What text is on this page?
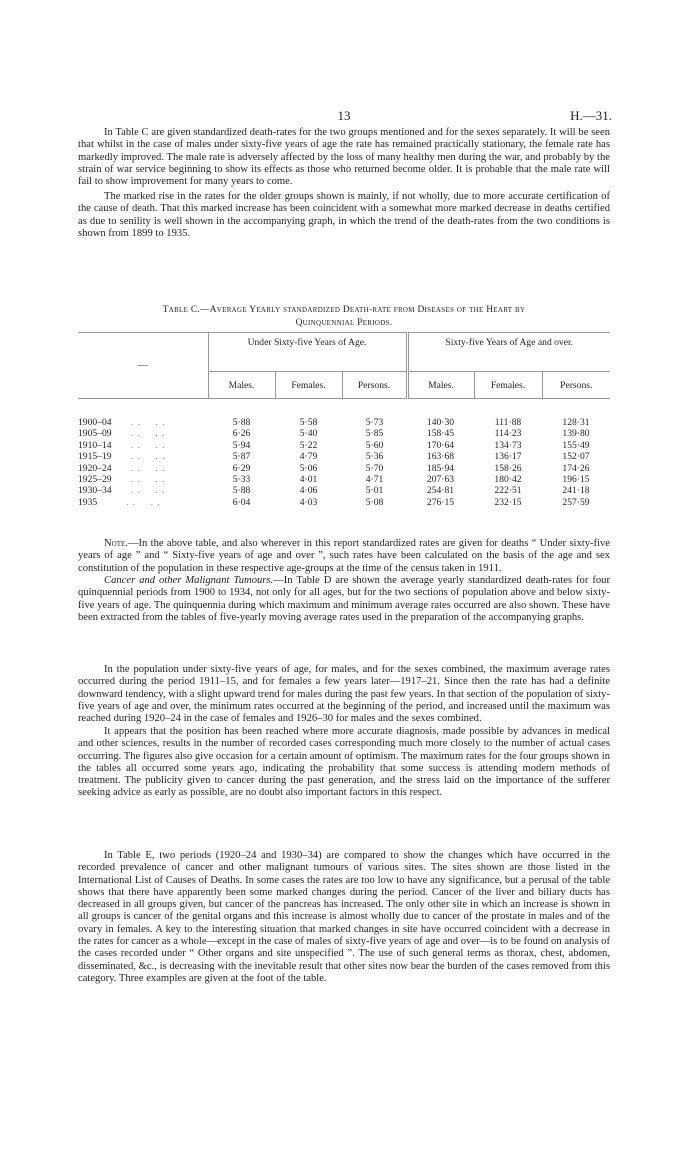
13	H.—31.

In Table C are given standardized death-rates for the two groups mentioned and for the sexes separately. It will be seen that whilst in the case of males under sixty-five years of age the rate has remained practically stationary, the female rate has markedly improved. The male rate is adversely affected by the loss of many healthy men during the war, and probably by the strain of war service beginning to show its effects as those who returned become older. It is probable that the male rate will fail to show improvement for many years to come.

The marked rise in the rates for the older groups shown is mainly, if not wholly, due to more accurate certification of the cause of death. That this marked increase has been coincident with a somewhat more marked decrease in deaths certified as due to senility is well shown in the accompanying graph, in which the trend of the death-rates from the two conditions is shown from 1899 to 1935.

Table C.—Average Yearly standardized Death-rate from Diseases of the Heart by
Quinquennial Periods.
—	Under Sixty-five Years of Age.			Sixty-five Years of Age and over.		
	Males.	Females.	Persons.	Males.	Females.	Persons.

1900–04 . . . .	5·88	5·58	5·73	140·30	111·88	128·31
1905–09 . . . .	6·26	5·40	5·85	158·45	114·23	139·80
1910–14 . . . .	5·94	5·22	5·60	170·64	134·73	155·49
1915–19 . . . .	5·87	4·79	5·36	163·68	136·17	152·07
1920–24 . . . .	6·29	5·06	5·70	185·94	158·26	174·26
1925–29 . . . .	5·33	4·01	4·71	207·63	180·42	196·15
1930–34 . . . .	5·88	4·06	5·01	254·81	222·51	241·18
1935 . . . .	6·04	4·03	5·08	276·15	232·15	257·59

Note.—In the above table, and also wherever in this report standardized rates are given for deaths “ Under sixty-five years of age ” and “ Sixty-five years of age and over ”, such rates have been calculated on the basis of the age and sex constitution of the population in these respective age-groups at the time of the census taken in 1911.

Cancer and other Malignant Tumours.—In Table D are shown the average yearly standardized death-rates for four quinquennial periods from 1900 to 1934, not only for all ages, but for the two sections of population above and below sixty-five years of age. The quinquennia during which maximum and minimum average rates occurred are also shown. These have been extracted from the tables of five-yearly moving average rates used in the preparation of the accompanying graphs.

In the population under sixty-five years of age, for males, and for the sexes combined, the maximum average rates occurred during the period 1911–15, and for females a few years later—1917–21. Since then the rate has had a definite downward tendency, with a slight upward trend for males during the past few years. In that section of the population of sixty-five years of age and over, the minimum rates occurred at the beginning of the period, and increased until the maximum was reached during 1920–24 in the case of females and 1926–30 for males and the sexes combined.

It appears that the position has been reached where more accurate diagnosis, made possible by advances in medical and other sciences, results in the number of recorded cases corresponding much more closely to the number of actual cases occurring. The figures also give occasion for a certain amount of optimism. The maximum rates for the four groups shown in the tables all occurred some years ago, indicating the probability that some success is attending modern methods of treatment. The publicity given to cancer during the past generation, and the stress laid on the importance of the sufferer seeking advice as early as possible, are no doubt also important factors in this respect.

In Table E, two periods (1920–24 and 1930–34) are compared to show the changes which have occurred in the recorded prevalence of cancer and other malignant tumours of various sites. The sites shown are those listed in the International List of Causes of Deaths. In some cases the rates are too low to have any significance, but a perusal of the table shows that there have apparently been some marked changes during the period. Cancer of the liver and biliary ducts has decreased in all groups given, but cancer of the pancreas has increased. The only other site in which an increase is shown in all groups is cancer of the genital organs and this increase is almost wholly due to cancer of the prostate in males and of the ovary in females. A key to the interesting situation that marked changes in site have occurred coincident with a decrease in the rates for cancer as a whole—except in the case of males of sixty-five years of age and over—is to be found on analysis of the cases recorded under “ Other organs and site unspecified ”. The use of such general terms as thorax, chest, abdomen, disseminated, &c., is decreasing with the inevitable result that other sites now bear the burden of the cases removed from this category. Three examples are given at the foot of the table.
